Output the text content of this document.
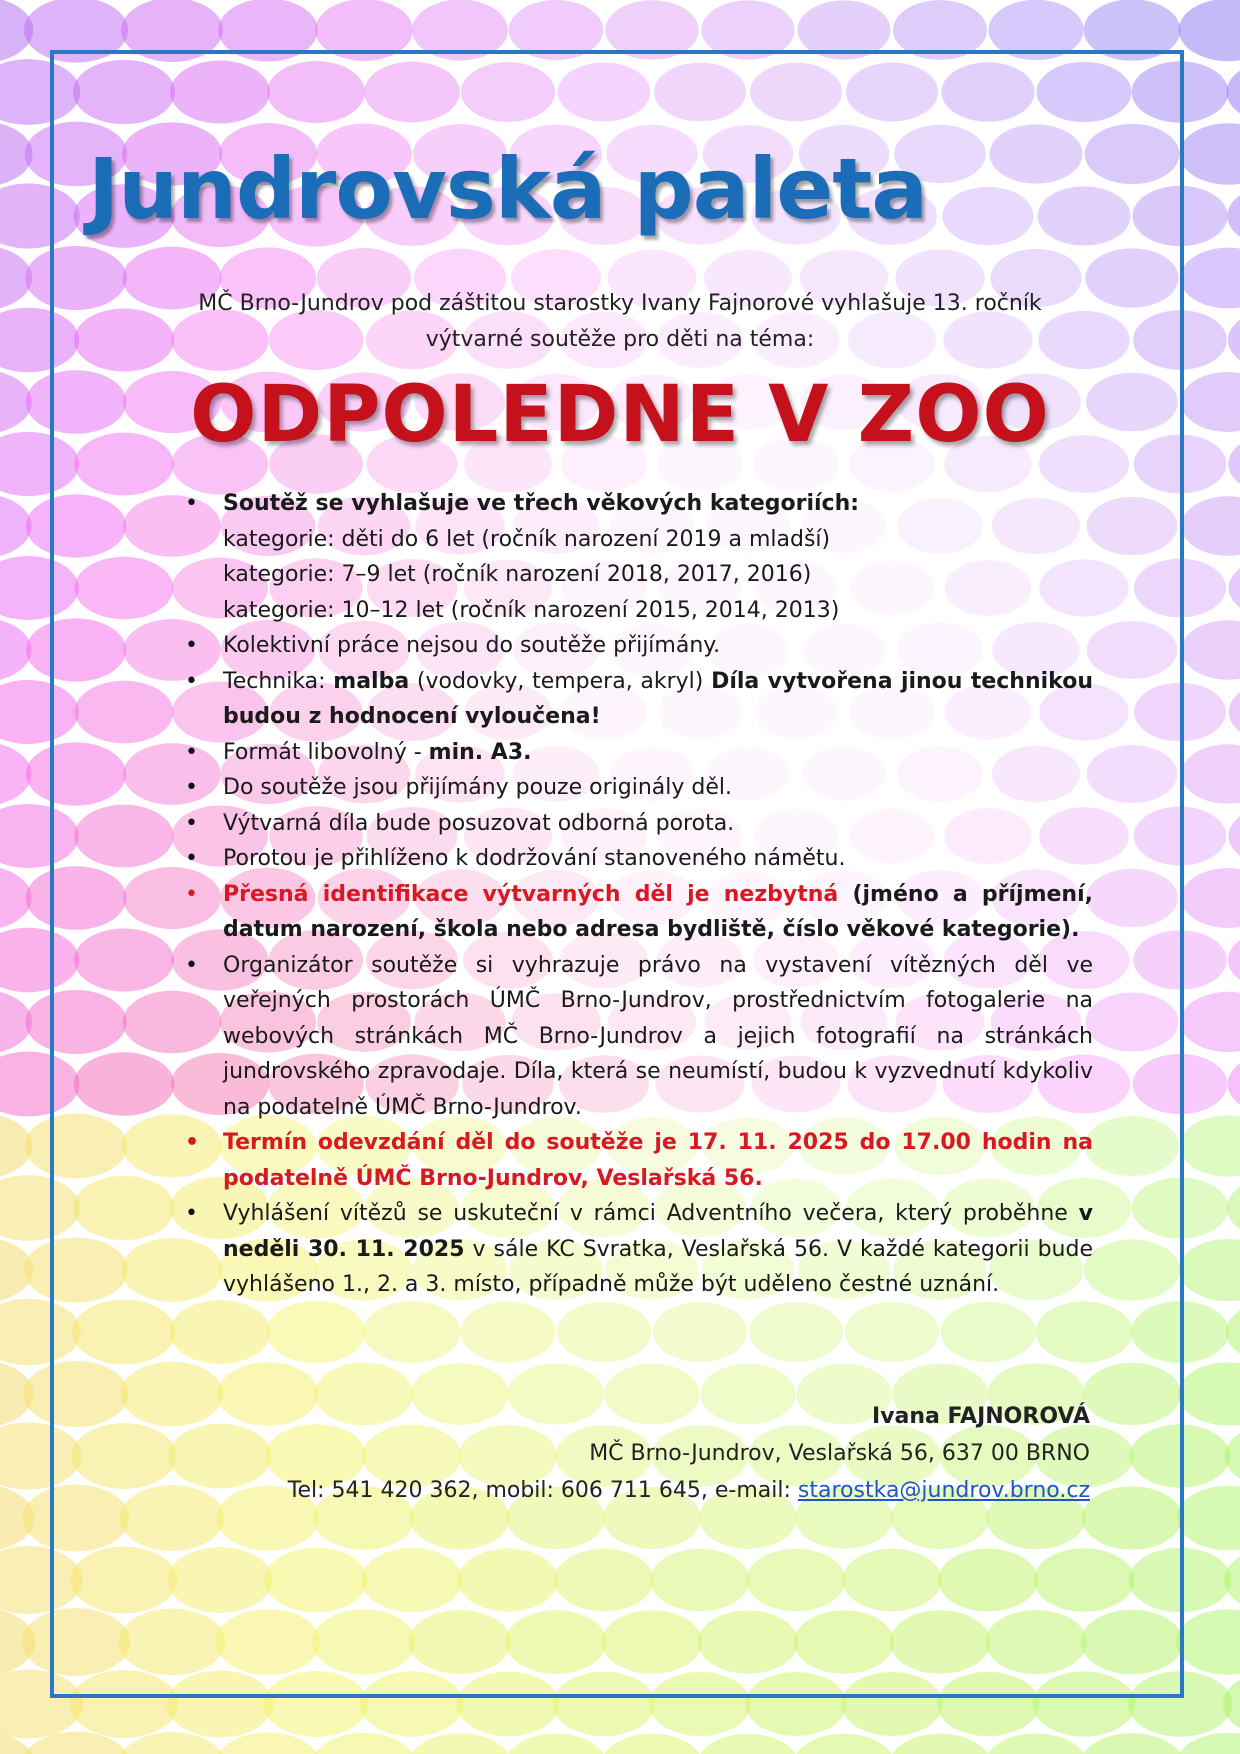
Jundrovská paleta
MČ Brno-Jundrov pod záštitou starostky Ivany Fajnorové vyhlašuje 13. ročník
výtvarné soutěže pro děti na téma:
ODPOLEDNE V ZOO
• Soutěž se vyhlašuje ve třech věkových kategoriích:
kategorie: děti do 6 let (ročník narození 2019 a mladší)
kategorie: 7–9 let (ročník narození 2018, 2017, 2016)
kategorie: 10–12 let (ročník narození 2015, 2014, 2013)
• Kolektivní práce nejsou do soutěže přijímány.
• Technika: malba (vodovky, tempera, akryl) Díla vytvořena jinou technikou budou z hodnocení vyloučena!
• Formát libovolný - min. A3.
• Do soutěže jsou přijímány pouze originály děl.
• Výtvarná díla bude posuzovat odborná porota.
• Porotou je přihlíženo k dodržování stanoveného námětu.
• Přesná identifikace výtvarných děl je nezbytná (jméno a příjmení, datum narození, škola nebo adresa bydliště, číslo věkové kategorie).
• Organizátor soutěže si vyhrazuje právo na vystavení vítězných děl ve veřejných prostorách ÚMČ Brno-Jundrov, prostřednictvím fotogalerie na webových stránkách MČ Brno-Jundrov a jejich fotografií na stránkách jundrovského zpravodaje. Díla, která se neumístí, budou k vyzvednutí kdykoliv na podatelně ÚMČ Brno-Jundrov.
• Termín odevzdání děl do soutěže je 17. 11. 2025 do 17.00 hodin na podatelně ÚMČ Brno-Jundrov, Veslařská 56.
• Vyhlášení vítězů se uskuteční v rámci Adventního večera, který proběhne v neděli 30. 11. 2025 v sále KC Svratka, Veslařská 56. V každé kategorii bude vyhlášeno 1., 2. a 3. místo, případně může být uděleno čestné uznání.
Ivana FAJNOROVÁ
MČ Brno-Jundrov, Veslařská 56, 637 00 BRNO
Tel: 541 420 362, mobil: 606 711 645, e-mail: starostka@jundrov.brno.cz
